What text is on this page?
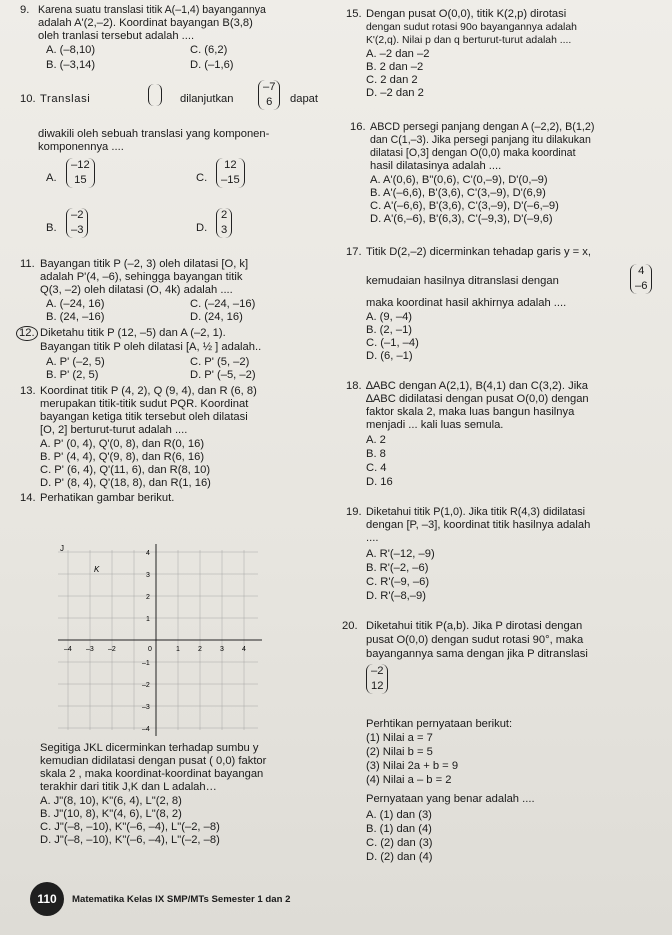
9. Karena suatu translasi titik A(–1,4) bayangannya
adalah A'(2,–2). Koordinat bayangan B(3,8)
oleh tranlasi tersebut adalah ....
A. (–8,10)	C. (6,2)
B. (–3,14)	D. (–1,6)
10. Translasi	dilanjutkan
–7
6 dapat
diwakili oleh sebuah translasi yang komponen-
komponennya ....
A.
–12
15	C.
12
–15
B.
–2
–3	D.
2
3
11. Bayangan titik P (–2, 3) oleh dilatasi [O, k]
adalah P'(4, –6), sehingga bayangan titik
Q(3, –2) oleh dilatasi (O, 4k) adalah ....
A. (–24, 16)	C. (–24, –16)
B. (24, –16)	D. (24, 16)
12. Diketahu titik P (12, –5) dan A (–2, 1).
Bayangan titik P oleh dilatasi [A, ½ ] adalah..
A. P' (–2, 5)	C. P' (5, –2)
B. P' (2, 5)	D. P' (–5, –2)
13. Koordinat titik P (4, 2), Q (9, 4), dan R (6, 8)
merupakan titik-titik sudut PQR. Koordinat
bayangan ketiga titik tersebut oleh dilatasi
[O, 2] berturut-turut adalah ....
A. P' (0, 4), Q'(0, 8), dan R(0, 16)
B. P' (4, 4), Q'(9, 8), dan R(6, 16)
C. P' (6, 4), Q'(11, 6), dan R(8, 10)
D. P' (8, 4), Q'(18, 8), dan R(1, 16)
14. Perhatikan gambar berikut.
J
K
–4 –3 –2	0	1	2	3	4
4
3
2
1
–1
–2
–3
–4
Segitiga JKL dicerminkan terhadap sumbu y
kemudian didilatasi dengan pusat ( 0,0) faktor
skala 2 , maka koordinat-koordinat bayangan
terakhir dari titik J,K dan L adalah…
A. J"(8, 10), K"(6, 4), L"(2, 8)
B. J"(10, 8), K"(4, 6), L"(8, 2)
C. J"(–8, –10), K"(–6, –4), L"(–2, –8)
D. J"(–8, –10), K"(–6, –4), L"(–2, –8)
15. Dengan pusat O(0,0), titik K(2,p) dirotasi
dengan sudut rotasi 90o bayangannya adalah
K'(2,q). Nilai p dan q berturut-turut adalah ....
A. –2 dan –2
B. 2 dan –2
C. 2 dan 2
D. –2 dan 2
16. ABCD persegi panjang dengan A (–2,2), B(1,2)
dan C(1,–3). Jika persegi panjang itu dilakukan
dilatasi [O,3] dengan O(0,0) maka koordinat
hasil dilatasinya adalah ....
A. A'(0,6), B"(0,6), C'(0,–9), D'(0,–9)
B. A'(–6,6), B'(3,6), C'(3,–9), D'(6,9)
C. A'(–6,6), B'(3,6), C'(3,–9), D'(–6,–9)
D. A'(6,–6), B'(6,3), C'(–9,3), D'(–9,6)
17. Titik D(2,–2) dicerminkan tehadap garis y = x,
kemudaian hasilnya ditranslasi dengan
4
–6
maka koordinat hasil akhirnya adalah ....
A. (9, –4)
B. (2, –1)
C. (–1, –4)
D. (6, –1)
18. ∆ABC dengan A(2,1), B(4,1) dan C(3,2). Jika
∆ABC didilatasi dengan pusat O(0,0) dengan
faktor skala 2, maka luas bangun hasilnya
menjadi ... kali luas semula.
A. 2
B. 8
C. 4
D. 16
19. Diketahui titik P(1,0). Jika titik R(4,3) didilatasi
dengan [P, –3], koordinat titik hasilnya adalah
....
A. R'(–12, –9)
B. R'(–2, –6)
C. R'(–9, –6)
D. R'(–8,–9)
20. Diketahui titik P(a,b). Jika P dirotasi dengan
pusat O(0,0) dengan sudut rotasi 90°, maka
bayangannya sama dengan jika P ditranslasi
–2
12
Perhtikan pernyataan berikut:
(1) Nilai a = 7
(2) Nilai b = 5
(3) Nilai 2a + b = 9
(4) Nilai a – b = 2
Pernyataan yang benar adalah ....
A. (1) dan (3)
B. (1) dan (4)
C. (2) dan (3)
D. (2) dan (4)
110	Matematika Kelas IX SMP/MTs Semester 1 dan 2
